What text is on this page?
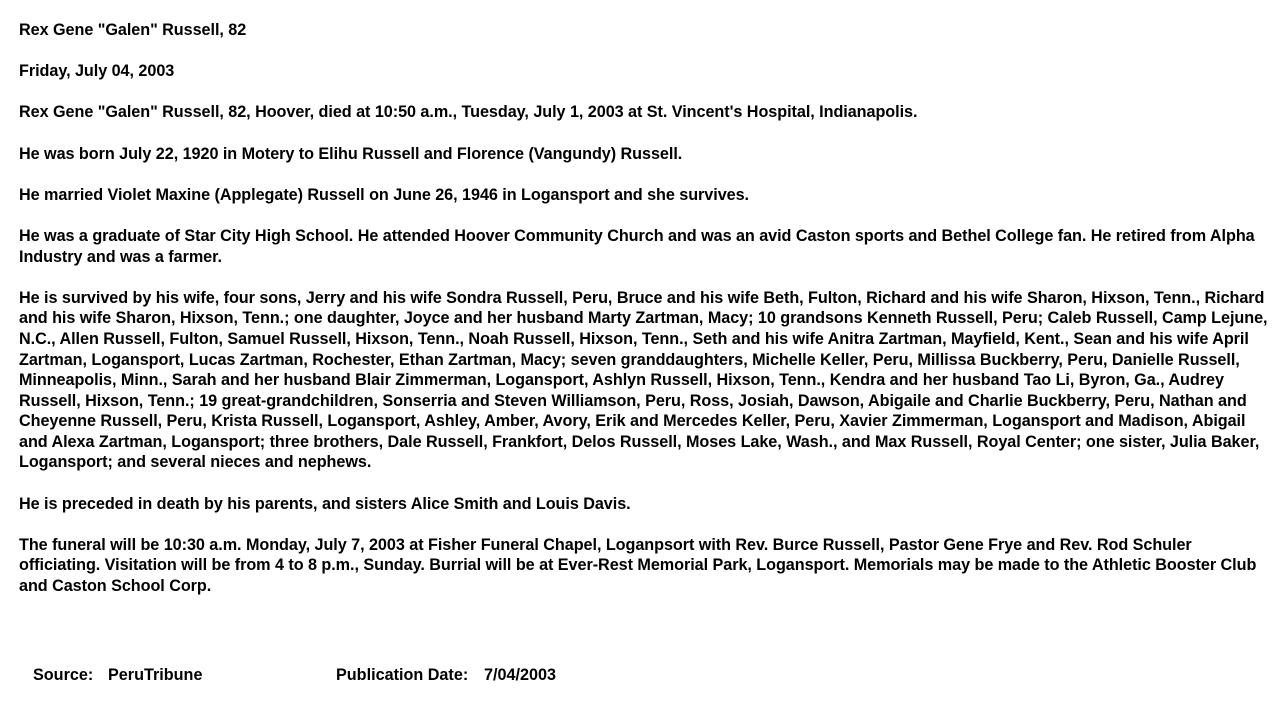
Rex Gene "Galen" Russell, 82

Friday, July 04, 2003

Rex Gene "Galen" Russell, 82, Hoover, died at 10:50 a.m., Tuesday, July 1, 2003 at St. Vincent's Hospital, Indianapolis.

He was born July 22, 1920 in Motery to Elihu Russell and Florence (Vangundy) Russell.

He married Violet Maxine (Applegate) Russell on June 26, 1946 in Logansport and she survives.

He was a graduate of Star City High School. He attended Hoover Community Church and was an avid Caston sports and Bethel College fan. He retired from Alpha Industry and was a farmer.

He is survived by his wife, four sons, Jerry and his wife Sondra Russell, Peru, Bruce and his wife Beth, Fulton, Richard and his wife Sharon, Hixson, Tenn., Richard and his wife Sharon, Hixson, Tenn.; one daughter, Joyce and her husband Marty Zartman, Macy; 10 grandsons Kenneth Russell, Peru; Caleb Russell, Camp Lejune, N.C., Allen Russell, Fulton, Samuel Russell, Hixson, Tenn., Noah Russell, Hixson, Tenn., Seth and his wife Anitra Zartman, Mayfield, Kent., Sean and his wife April Zartman, Logansport, Lucas Zartman, Rochester, Ethan Zartman, Macy; seven granddaughters, Michelle Keller, Peru, Millissa Buckberry, Peru, Danielle Russell, Minneapolis, Minn., Sarah and her husband Blair Zimmerman, Logansport, Ashlyn Russell, Hixson, Tenn., Kendra and her husband Tao Li, Byron, Ga., Audrey Russell, Hixson, Tenn.; 19 great-grandchildren, Sonserria and Steven Williamson, Peru, Ross, Josiah, Dawson, Abigaile and Charlie Buckberry, Peru, Nathan and Cheyenne Russell, Peru, Krista Russell, Logansport, Ashley, Amber, Avory, Erik and Mercedes Keller, Peru, Xavier Zimmerman, Logansport and Madison, Abigail and Alexa Zartman, Logansport; three brothers, Dale Russell, Frankfort, Delos Russell, Moses Lake, Wash., and Max Russell, Royal Center; one sister, Julia Baker, Logansport; and several nieces and nephews.

He is preceded in death by his parents, and sisters Alice Smith and Louis Davis.

The funeral will be 10:30 a.m. Monday, July 7, 2003 at Fisher Funeral Chapel, Loganpsort with Rev. Burce Russell, Pastor Gene Frye and Rev. Rod Schuler officiating. Visitation will be from 4 to 8 p.m., Sunday. Burrial will be at Ever-Rest Memorial Park, Logansport. Memorials may be made to the Athletic Booster Club and Caston School Corp.

Source: PeruTribune	Publication Date: 7/04/2003
